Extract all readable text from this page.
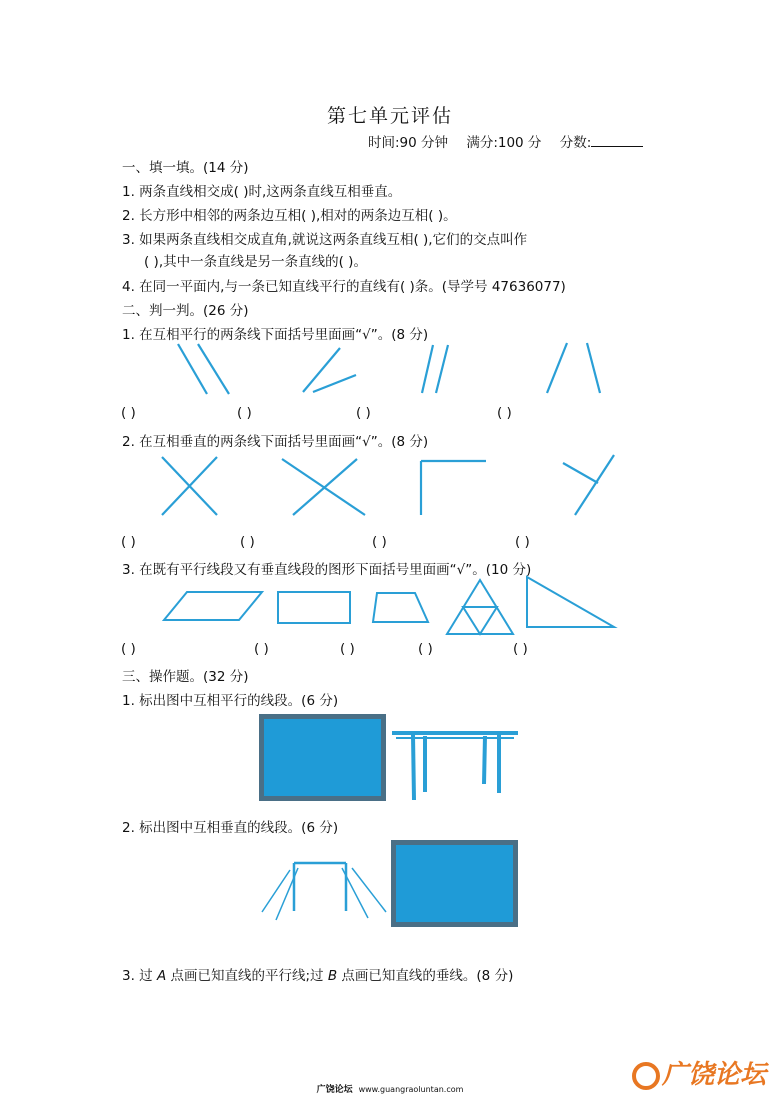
第七单元评估
时间:90 分钟 满分:100 分 分数:
一、填一填。(14 分)
1. 两条直线相交成( )时,这两条直线互相垂直。
2. 长方形中相邻的两条边互相( ),相对的两条边互相( )。
3. 如果两条直线相交成直角,就说这两条直线互相( ),它们的交点叫作
( ),其中一条直线是另一条直线的( )。
4. 在同一平面内,与一条已知直线平行的直线有( )条。(导学号 47636077)
二、判一判。(26 分)
1. 在互相平行的两条线下面括号里面画“√”。(8 分)
( )	( )	( )	( )
2. 在互相垂直的两条线下面括号里面画“√”。(8 分)
( )	( )	( )	( )
3. 在既有平行线段又有垂直线段的图形下面括号里面画“√”。(10 分)
( )	( )	( )	( )	( )
三、操作题。(32 分)
1. 标出图中互相平行的线段。(6 分)
2. 标出图中互相垂直的线段。(6 分)
3. 过 A 点画已知直线的平行线;过 B 点画已知直线的垂线。(8 分)
广饶论坛 www.guangraoluntan.com	广饶论坛
